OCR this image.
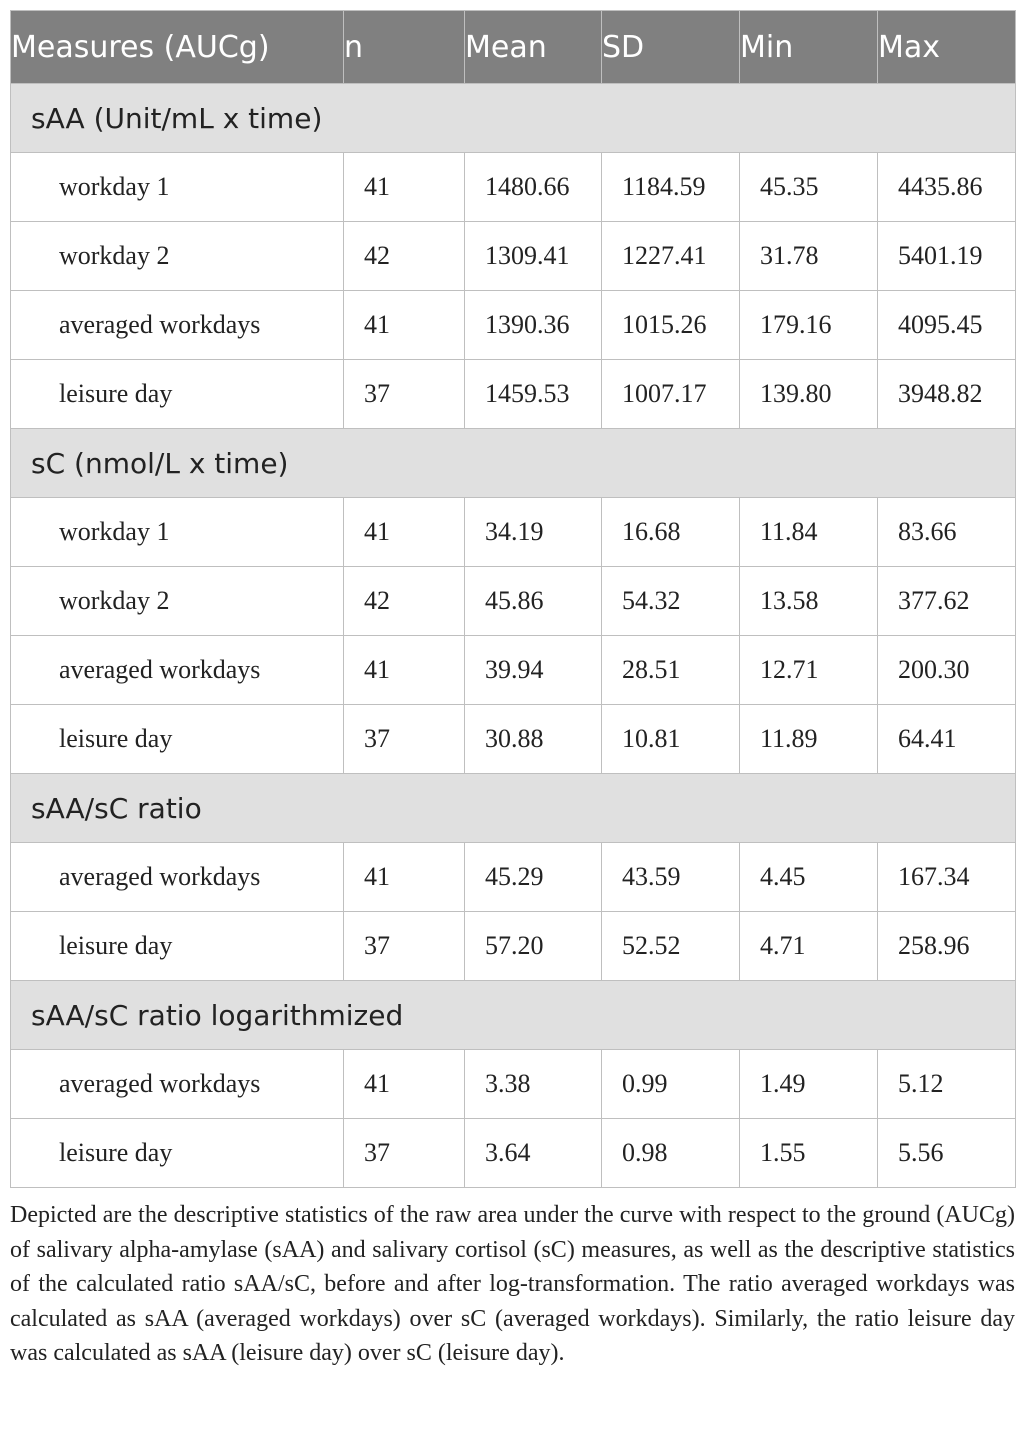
Measures (AUCg)	n	Mean	SD	Min	Max
sAA (Unit/mL x time)					
workday 1	41	1480.66	1184.59	45.35	4435.86
workday 2	42	1309.41	1227.41	31.78	5401.19
averaged workdays	41	1390.36	1015.26	179.16	4095.45
leisure day	37	1459.53	1007.17	139.80	3948.82
sC (nmol/L x time)					
workday 1	41	34.19	16.68	11.84	83.66
workday 2	42	45.86	54.32	13.58	377.62
averaged workdays	41	39.94	28.51	12.71	200.30
leisure day	37	30.88	10.81	11.89	64.41
sAA/sC ratio					
averaged workdays	41	45.29	43.59	4.45	167.34
leisure day	37	57.20	52.52	4.71	258.96
sAA/sC ratio logarithmized					
averaged workdays	41	3.38	0.99	1.49	5.12
leisure day	37	3.64	0.98	1.55	5.56

Depicted are the descriptive statistics of the raw area under the curve with respect to the ground (AUCg) of salivary alpha-amylase (sAA) and salivary cortisol (sC) measures, as well as the descriptive statistics of the calculated ratio sAA/sC, before and after log-transformation. The ratio averaged workdays was calculated as sAA (averaged workdays) over sC (averaged workdays). Similarly, the ratio leisure day was calculated as sAA (leisure day) over sC (leisure day).
